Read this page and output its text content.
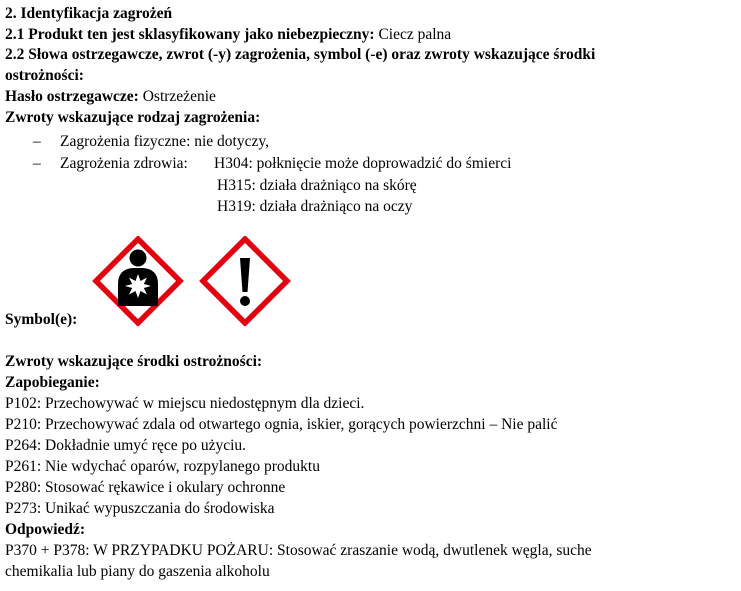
2. Identyfikacja zagrożeń
2.1 Produkt ten jest sklasyfikowany jako niebezpieczny: Ciecz palna
2.2 Słowa ostrzegawcze, zwrot (-y) zagrożenia, symbol (-e) oraz zwroty wskazujące środki
ostrożności:
Hasło ostrzegawcze: Ostrzeżenie
Zwroty wskazujące rodzaj zagrożenia:
– Zagrożenia fizyczne: nie dotyczy,
– Zagrożenia zdrowia: H304: połknięcie może doprowadzić do śmierci
H315: działa drażniąco na skórę
H319: działa drażniąco na oczy
Symbol(e):
Zwroty wskazujące środki ostrożności:
Zapobieganie:
P102: Przechowywać w miejscu niedostępnym dla dzieci.
P210: Przechowywać zdala od otwartego ognia, iskier, gorących powierzchni – Nie palić
P264: Dokładnie umyć ręce po użyciu.
P261: Nie wdychać oparów, rozpylanego produktu
P280: Stosować rękawice i okulary ochronne
P273: Unikać wypuszczania do środowiska
Odpowiedź:
P370 + P378: W PRZYPADKU POŻARU: Stosować zraszanie wodą, dwutlenek węgla, suche
chemikalia lub piany do gaszenia alkoholu
